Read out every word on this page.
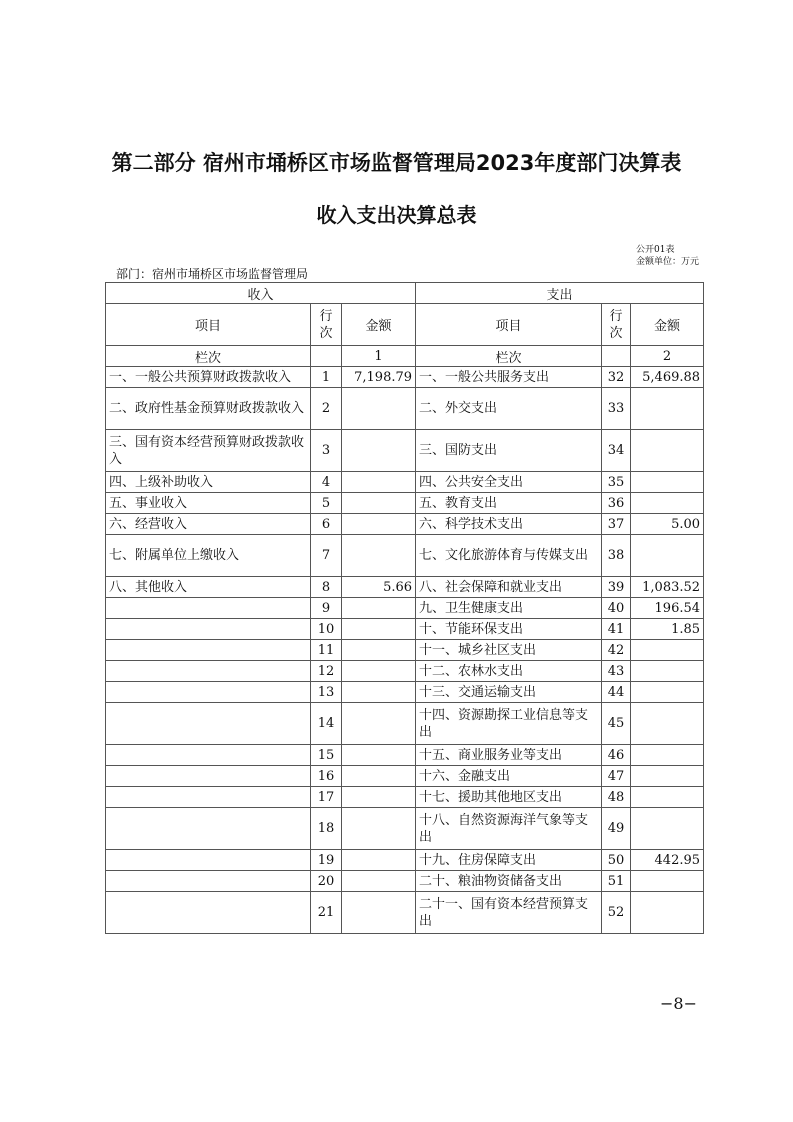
第二部分 宿州市埇桥区市场监督管理局2023年度部门决算表
收入支出决算总表
公开01表
金额单位：万元
部门：宿州市埇桥区市场监督管理局
收入			支出		
项目	行次	金额	项目	行次	金额
栏次		1	栏次		2
一、一般公共预算财政拨款收入	1	7,198.79	一、一般公共服务支出	32	5,469.88
二、政府性基金预算财政拨款收入	2		二、外交支出	33	
三、国有资本经营预算财政拨款收入	3		三、国防支出	34	
四、上级补助收入	4		四、公共安全支出	35	
五、事业收入	5		五、教育支出	36	
六、经营收入	6		六、科学技术支出	37	5.00
七、附属单位上缴收入	7		七、文化旅游体育与传媒支出	38	
八、其他收入	8	5.66	八、社会保障和就业支出	39	1,083.52
	9		九、卫生健康支出	40	196.54
	10		十、节能环保支出	41	1.85
	11		十一、城乡社区支出	42	
	12		十二、农林水支出	43	
	13		十三、交通运输支出	44	
	14		十四、资源勘探工业信息等支出	45	
	15		十五、商业服务业等支出	46	
	16		十六、金融支出	47	
	17		十七、援助其他地区支出	48	
	18		十八、自然资源海洋气象等支出	49	
	19		十九、住房保障支出	50	442.95
	20		二十、粮油物资储备支出	51	
	21		二十一、国有资本经营预算支出	52	
−8−
